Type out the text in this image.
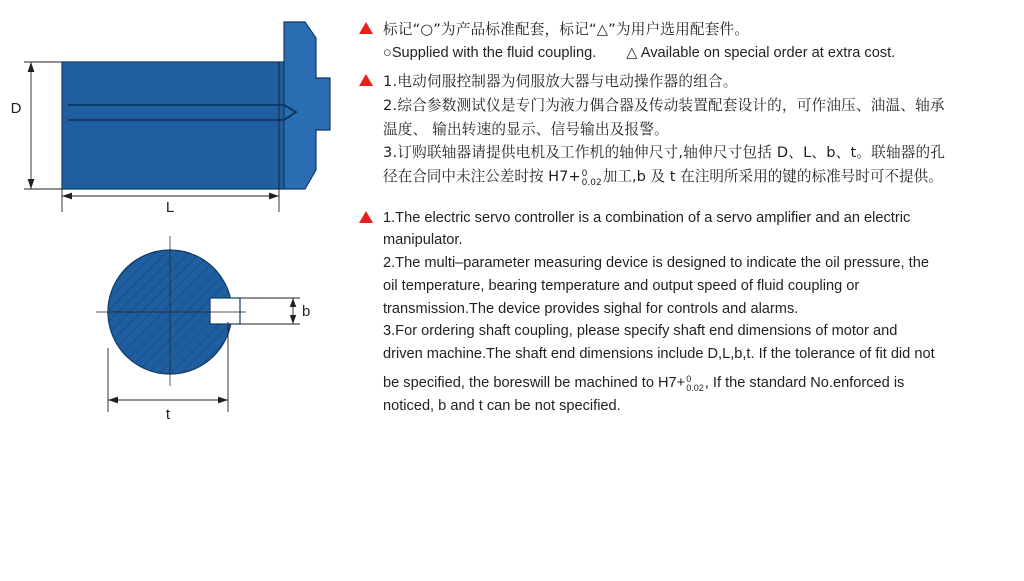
D
L
b
t
标记“○”为产品标准配套，标记“△”为用户选用配套件。
○Supplied with the fluid coupling. △ Available on special order at extra cost.
1.电动伺服控制器为伺服放大器与电动操作器的组合。
2.综合参数测试仪是专门为液力偶合器及传动装置配套设计的，可作油压、油温、轴承
温度、 输出转速的显示、信号输出及报警。
3.订购联轴器请提供电机及工作机的轴伸尺寸,轴伸尺寸包括 D、L、b、t。联轴器的孔
径在合同中未注公差时按 H7+ 0
0.02 加工,b 及 t 在注明所采用的键的标准号时可不提供。
1.The electric servo controller is a combination of a servo amplifier and an electric
manipulator.
2.The multi–parameter measuring device is designed to indicate the oil pressure, the
oil temperature, bearing temperature and output speed of fluid coupling or
transmission.The device provides sighal for controls and alarms.
3.For ordering shaft coupling, please specify shaft end dimensions of motor and
driven machine.The shaft end dimensions include D,L,b,t. If the tolerance of fit did not
be specified, the boreswill be machined to H7+ 0
0.02 , If the standard No.enforced is
noticed, b and t can be not specified.
